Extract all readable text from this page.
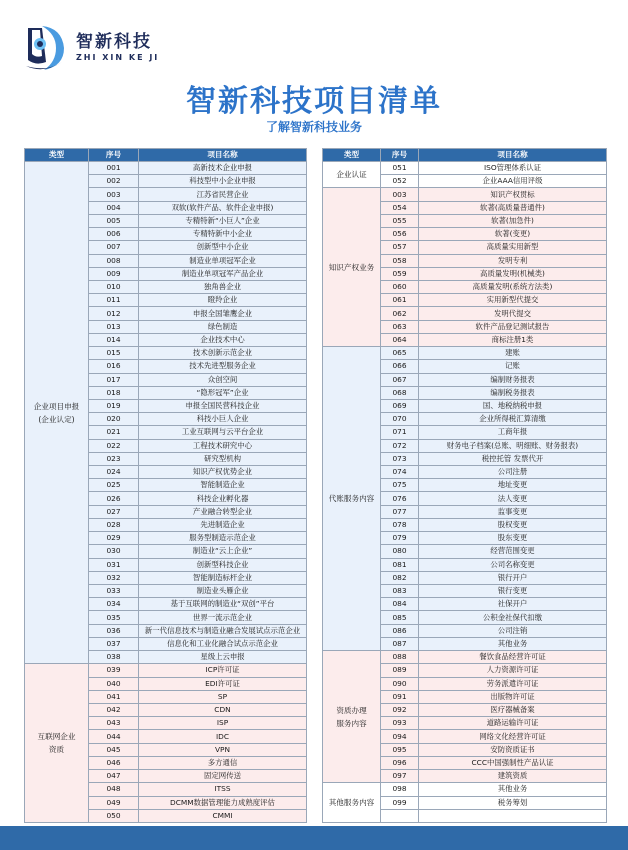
智新科技
ZHI XIN KE JI
智新科技项目清单
了解智新科技业务
类型	序号	项目名称
企业项目申报
(企业认定)	001	高新技术企业申报
	002	科技型中小企业申报
	003	江苏省民营企业
	004	双软(软件产品、软件企业申报)
	005	专精特新“小巨人”企业
	006	专精特新中小企业
	007	创新型中小企业
	008	制造业单项冠军企业
	009	制造业单项冠军产品企业
	010	独角兽企业
	011	瞪羚企业
	012	申报全国雏鹰企业
	013	绿色制造
	014	企业技术中心
	015	技术创新示范企业
	016	技术先进型服务企业
	017	众创空间
	018	“隐形冠军”企业
	019	申报全国民营科技企业
	020	科技小巨人企业
	021	工业互联网与云平台企业
	022	工程技术研究中心
	023	研究型机构
	024	知识产权优势企业
	025	智能制造企业
	026	科技企业孵化器
	027	产业融合转型企业
	028	先进制造企业
	029	服务型制造示范企业
	030	制造业“云上企业”
	031	创新型科技企业
	032	智能制造标杆企业
	033	制造业头雁企业
	034	基于互联网的制造业“双创”平台
	035	世界一流示范企业
	036	新一代信息技术与制造业融合发展试点示范企业
	037	信息化和工业化融合试点示范企业
	038	星级上云申报
互联网企业
资质	039	ICP许可证
	040	EDI许可证
	041	SP
	042	CDN
	043	ISP
	044	IDC
	045	VPN
	046	多方通信
	047	固定网传送
	048	ITSS
	049	DCMM数据管理能力成熟度评估
	050	CMMI
类型	序号	项目名称
企业认证	051	ISO管理体系认证
	052	企业AAA信用评级
知识产权业务	003	知识产权贯标
	054	软著(高质量普通件)
	055	软著(加急件)
	056	软著(变更)
	057	高质量实用新型
	058	发明专利
	059	高质量发明(机械类)
	060	高质量发明(系统方法类)
	061	实用新型代提交
	062	发明代提交
	063	软件产品登记测试报告
	064	商标注册1类
代账服务内容	065	建账
	066	记账
	067	编制财务报表
	068	编制税务报表
	069	国、地税纳税申报
	070	企业所得税汇算清缴
	071	工商年报
	072	财务电子档案(总账、明细账、财务报表)
	073	税控托管 发票代开
	074	公司注册
	075	地址变更
	076	法人变更
	077	监事变更
	078	股权变更
	079	股东变更
	080	经营范围变更
	081	公司名称变更
	082	银行开户
	083	银行变更
	084	社保开户
	085	公积金社保代扣缴
	086	公司注销
	087	其他业务
资质办理
服务内容	088	餐饮食品经营许可证
	089	人力资源许可证
	090	劳务派遣许可证
	091	出版物许可证
	092	医疗器械备案
	093	道路运输许可证
	094	网络文化经营许可证
	095	安防资质证书
	096	CCC中国强制性产品认证
	097	建筑资质
其他服务内容	098	其他业务
	099	税务筹划
